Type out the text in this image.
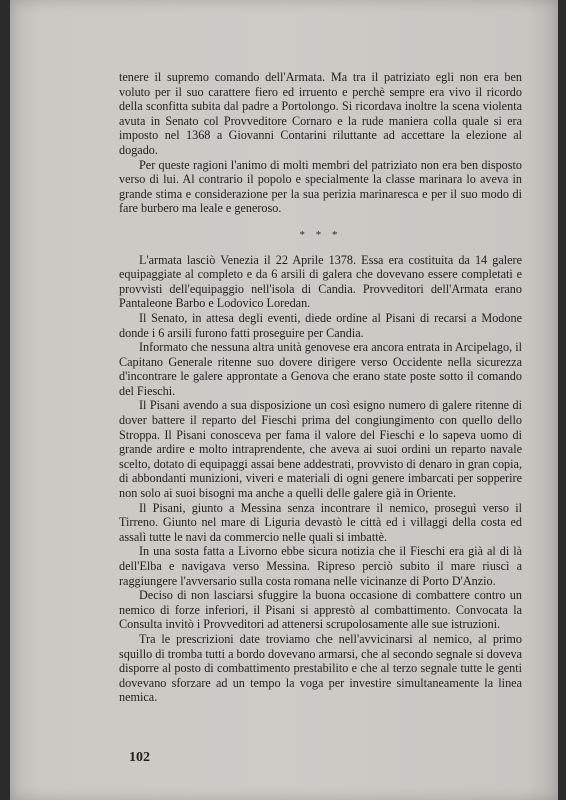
tenere il supremo comando dell'Armata. Ma tra il patriziato egli non era ben voluto per il suo carattere fiero ed irruento e perchè sempre era vivo il ricordo della sconfitta subita dal padre a Portolongo. Si ricordava inoltre la scena violenta avuta in Senato col Provveditore Cornaro e la rude maniera colla quale si era imposto nel 1368 a Giovanni Contarini riluttante ad accettare la elezione al dogado.

Per queste ragioni l'animo di molti membri del patriziato non era ben disposto verso di lui. Al contrario il popolo e specialmente la classe marinara lo aveva in grande stima e considerazione per la sua perizia marinaresca e per il suo modo di fare burbero ma leale e generoso.

* * *

L'armata lasciò Venezia il 22 Aprile 1378. Essa era costituita da 14 galere equipaggiate al completo e da 6 arsili di galera che dovevano essere completati e provvisti dell'equipaggio nell'isola di Candia. Provveditori dell'Armata erano Pantaleone Barbo e Lodovico Loredan.

Il Senato, in attesa degli eventi, diede ordine al Pisani di recarsi a Modone donde i 6 arsili furono fatti proseguire per Candia.

Informato che nessuna altra unità genovese era ancora entrata in Arcipelago, il Capitano Generale ritenne suo dovere dirigere verso Occidente nella sicurezza d'incontrare le galere approntate a Genova che erano state poste sotto il comando del Fieschi.

Il Pisani avendo a sua disposizione un così esigno numero di galere ritenne di dover battere il reparto del Fieschi prima del congiungimento con quello dello Stroppa. Il Pisani conosceva per fama il valore del Fieschi e lo sapeva uomo di grande ardire e molto intraprendente, che aveva ai suoi ordini un reparto navale scelto, dotato di equipaggi assai bene addestrati, provvisto di denaro in gran copia, di abbondanti munizioni, viveri e materiali di ogni genere imbarcati per sopperire non solo ai suoi bisogni ma anche a quelli delle galere già in Oriente.

Il Pisani, giunto a Messina senza incontrare il nemico, proseguì verso il Tirreno. Giunto nel mare di Liguria devastò le città ed i villaggi della costa ed assalì tutte le navi da commercio nelle quali si imbattè.

In una sosta fatta a Livorno ebbe sicura notizia che il Fieschi era già al di là dell'Elba e navigava verso Messina. Ripreso perciò subito il mare riuscì a raggiungere l'avversario sulla costa romana nelle vicinanze di Porto D'Anzio.

Deciso di non lasciarsi sfuggire la buona occasione di combattere contro un nemico di forze inferiori, il Pisani si apprestò al combattimento. Convocata la Consulta invitò i Provveditori ad attenersi scrupolosamente alle sue istruzioni.

Tra le prescrizioni date troviamo che nell'avvicinarsi al nemico, al primo squillo di tromba tutti a bordo dovevano armarsi, che al secondo segnale si doveva disporre al posto di combattimento prestabilito e che al terzo segnale tutte le genti dovevano sforzare ad un tempo la voga per investire simultaneamente la linea nemica.

102
